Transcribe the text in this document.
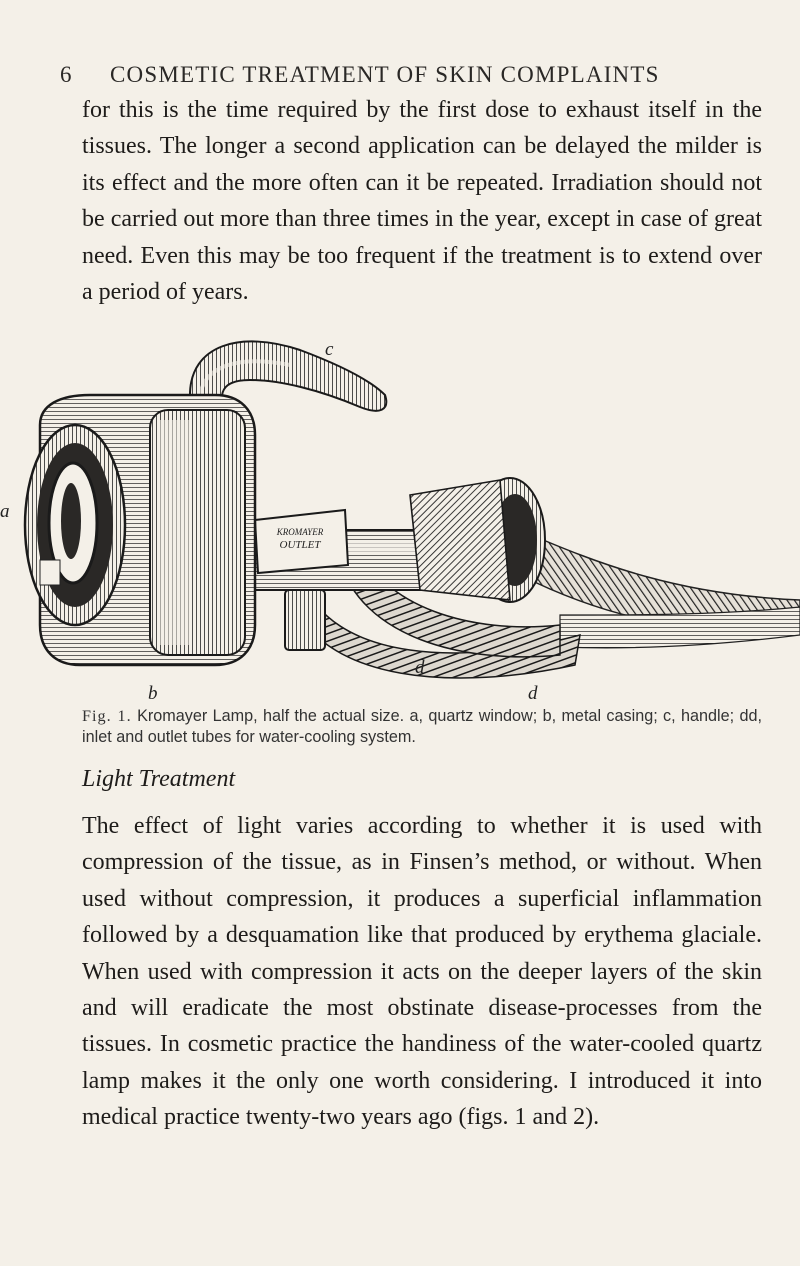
6 COSMETIC TREATMENT OF SKIN COMPLAINTS

for this is the time required by the first dose to exhaust itself in the tissues. The longer a second application can be delayed the milder is its effect and the more often can it be repeated. Irradiation should not be carried out more than three times in the year, except in case of great need. Even this may be too frequent if the treatment is to extend over a period of years.

KROMAYER
OUTLET
a
b
c
d
d

Fig. 1. Kromayer Lamp, half the actual size. a, quartz window; b, metal casing; c, handle; dd, inlet and outlet tubes for water-cooling system.

Light Treatment

The effect of light varies according to whether it is used with compression of the tissue, as in Finsen’s method, or without. When used without compression, it produces a superficial inflammation followed by a desquamation like that produced by erythema glaciale. When used with compression it acts on the deeper layers of the skin and will eradicate the most obstinate disease-processes from the tissues. In cosmetic practice the handiness of the water-cooled quartz lamp makes it the only one worth considering. I introduced it into medical practice twenty-two years ago (figs. 1 and 2).
